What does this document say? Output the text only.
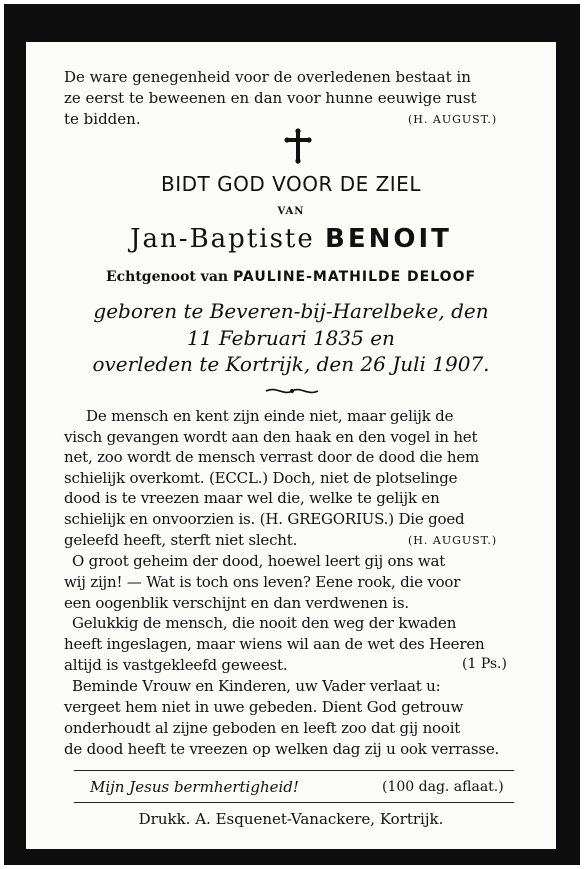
De ware genegenheid voor de overledenen bestaat in
ze eerst te beweenen en dan voor hunne eeuwige rust
te bidden.	(H. AUGUST.)
BIDT GOD VOOR DE ZIEL
VAN
Jan-Baptiste BENOIT
Echtgenoot van PAULINE-MATHILDE DELOOF
geboren te Beveren-bij-Harelbeke, den
11 Februari 1835 en
overleden te Kortrijk, den 26 Juli 1907.
De mensch en kent zijn einde niet, maar gelijk de
visch gevangen wordt aan den haak en den vogel in het
net, zoo wordt de mensch verrast door de dood die hem
schielijk overkomt. (ECCL.) Doch, niet de plotselinge
dood is te vreezen maar wel die, welke te gelijk en
schielijk en onvoorzien is. (H. GREGORIUS.) Die goed
geleefd heeft, sterft niet slecht.	(H. AUGUST.)
O groot geheim der dood, hoewel leert gij ons wat
wij zijn! — Wat is toch ons leven? Eene rook, die voor
een oogenblik verschijnt en dan verdwenen is.
Gelukkig de mensch, die nooit den weg der kwaden
heeft ingeslagen, maar wiens wil aan de wet des Heeren
altijd is vastgekleefd geweest.	(1 Ps.)
Beminde Vrouw en Kinderen, uw Vader verlaat u:
vergeet hem niet in uwe gebeden. Dient God getrouw
onderhoudt al zijne geboden en leeft zoo dat gij nooit
de dood heeft te vreezen op welken dag zij u ook verrasse.
Mijn Jesus bermhertigheid!	(100 dag. aflaat.)
Drukk. A. Esquenet-Vanackere, Kortrijk.
